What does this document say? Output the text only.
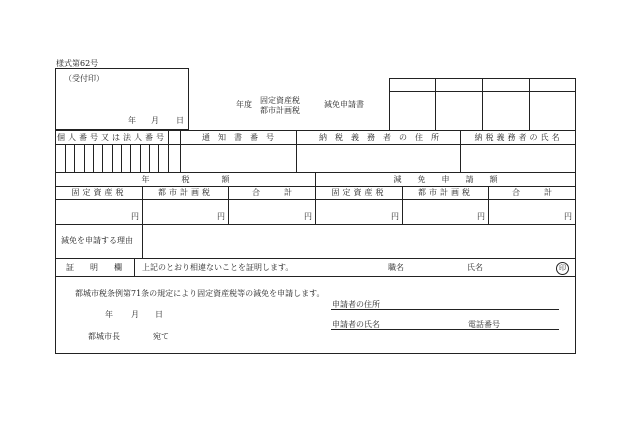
様式第62号
（受付印）
年 月 日
年度 固定資産税
都市計画税
減免申請書
個人番号又は法人番号	通　知　書　番　号	納　税　義　務　者　の　住　所	納税義務者の氏名
年　　　　税　　　　額	減　　免　　申　　請　　額
固定資産税	都市計画税	合　　　計	固定資産税	都市計画税	合　　　計
円	円	円	円	円	円
減免を申請する理由
証　　明　　欄	上記のとおり相違ないことを証明します。	職名	氏名	印
都城市税条例第71条の規定により固定資産税等の減免を申請します。
年 月 日
都城市長	宛て
申請者の住所
申請者の氏名	電話番号
